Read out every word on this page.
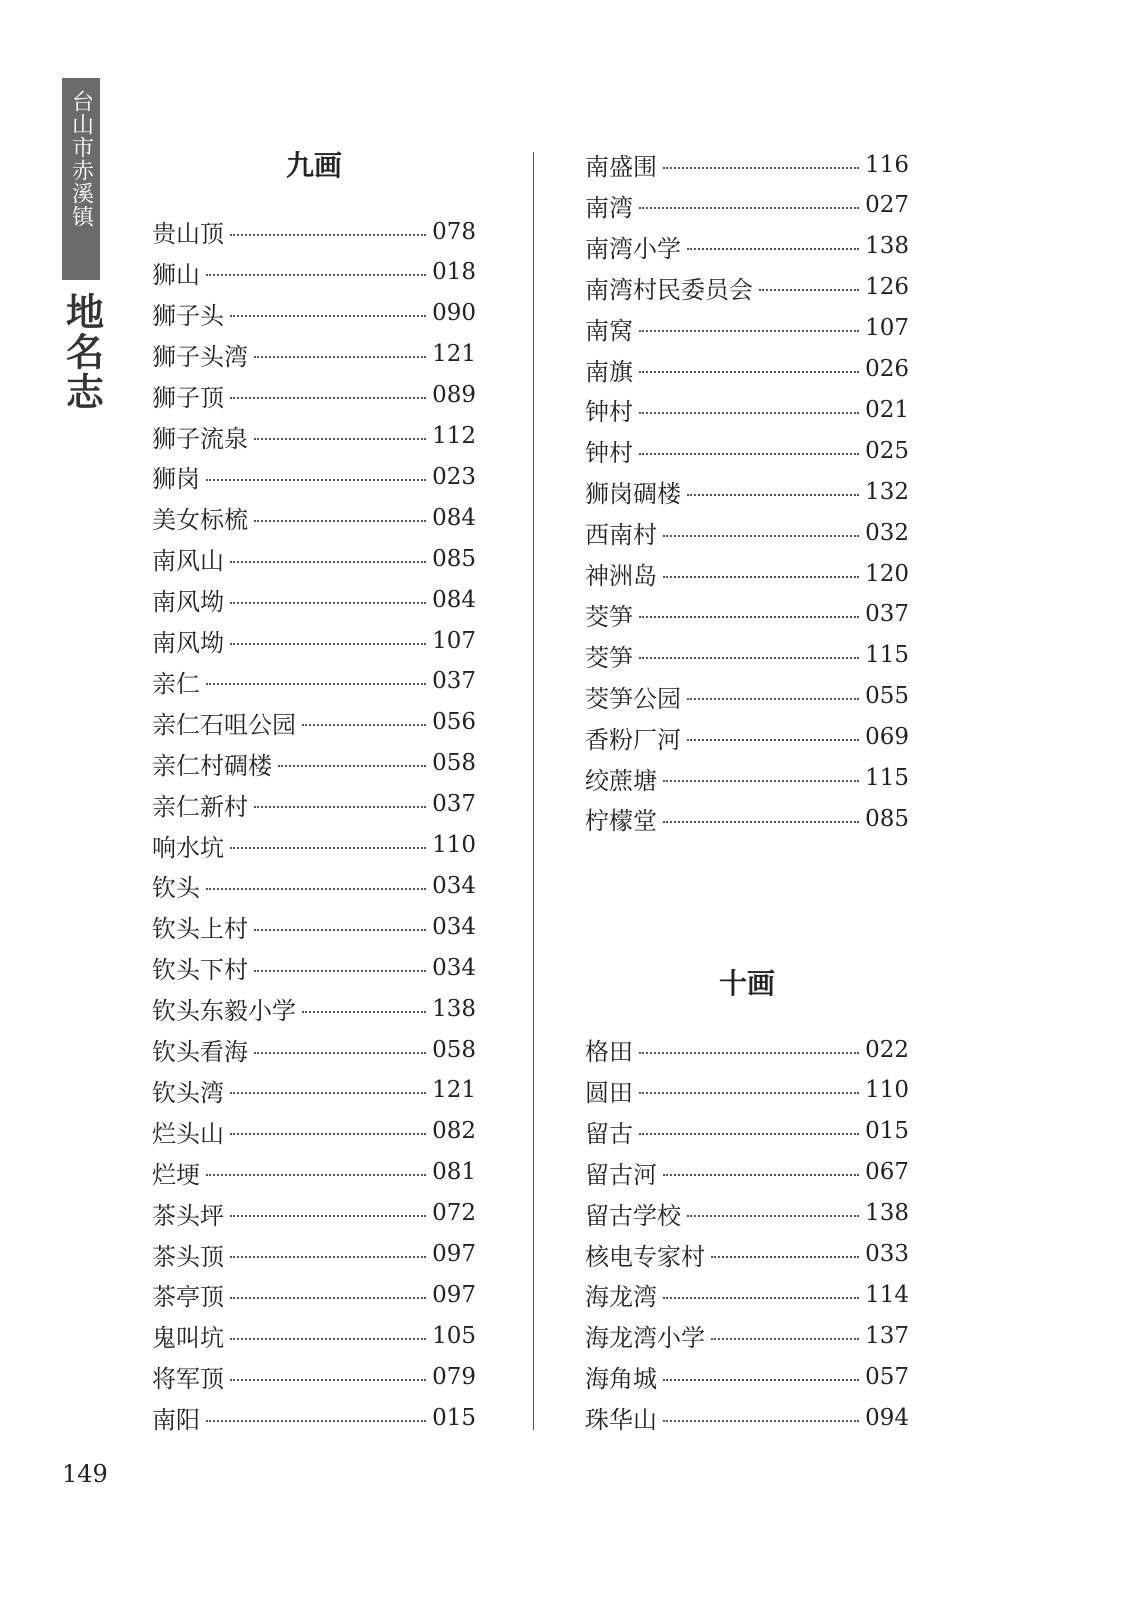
台山市赤溪镇
地名志
九画
贵山顶	078
狮山	018
狮子头	090
狮子头湾	121
狮子顶	089
狮子流泉	112
狮岗	023
美女标梳	084
南风山	085
南风坳	084
南风坳	107
亲仁	037
亲仁石咀公园	056
亲仁村碉楼	058
亲仁新村	037
响水坑	110
钦头	034
钦头上村	034
钦头下村	034
钦头东毅小学	138
钦头看海	058
钦头湾	121
烂头山	082
烂埂	081
茶头坪	072
茶头顶	097
茶亭顶	097
鬼叫坑	105
将军顶	079
南阳	015
南盛围	116
南湾	027
南湾小学	138
南湾村民委员会	126
南窝	107
南旗	026
钟村	021
钟村	025
狮岗碉楼	132
西南村	032
神洲岛	120
茭笋	037
茭笋	115
茭笋公园	055
香粉厂河	069
绞蔗塘	115
柠檬堂	085
十画
格田	022
圆田	110
留古	015
留古河	067
留古学校	138
核电专家村	033
海龙湾	114
海龙湾小学	137
海角城	057
珠华山	094
149
